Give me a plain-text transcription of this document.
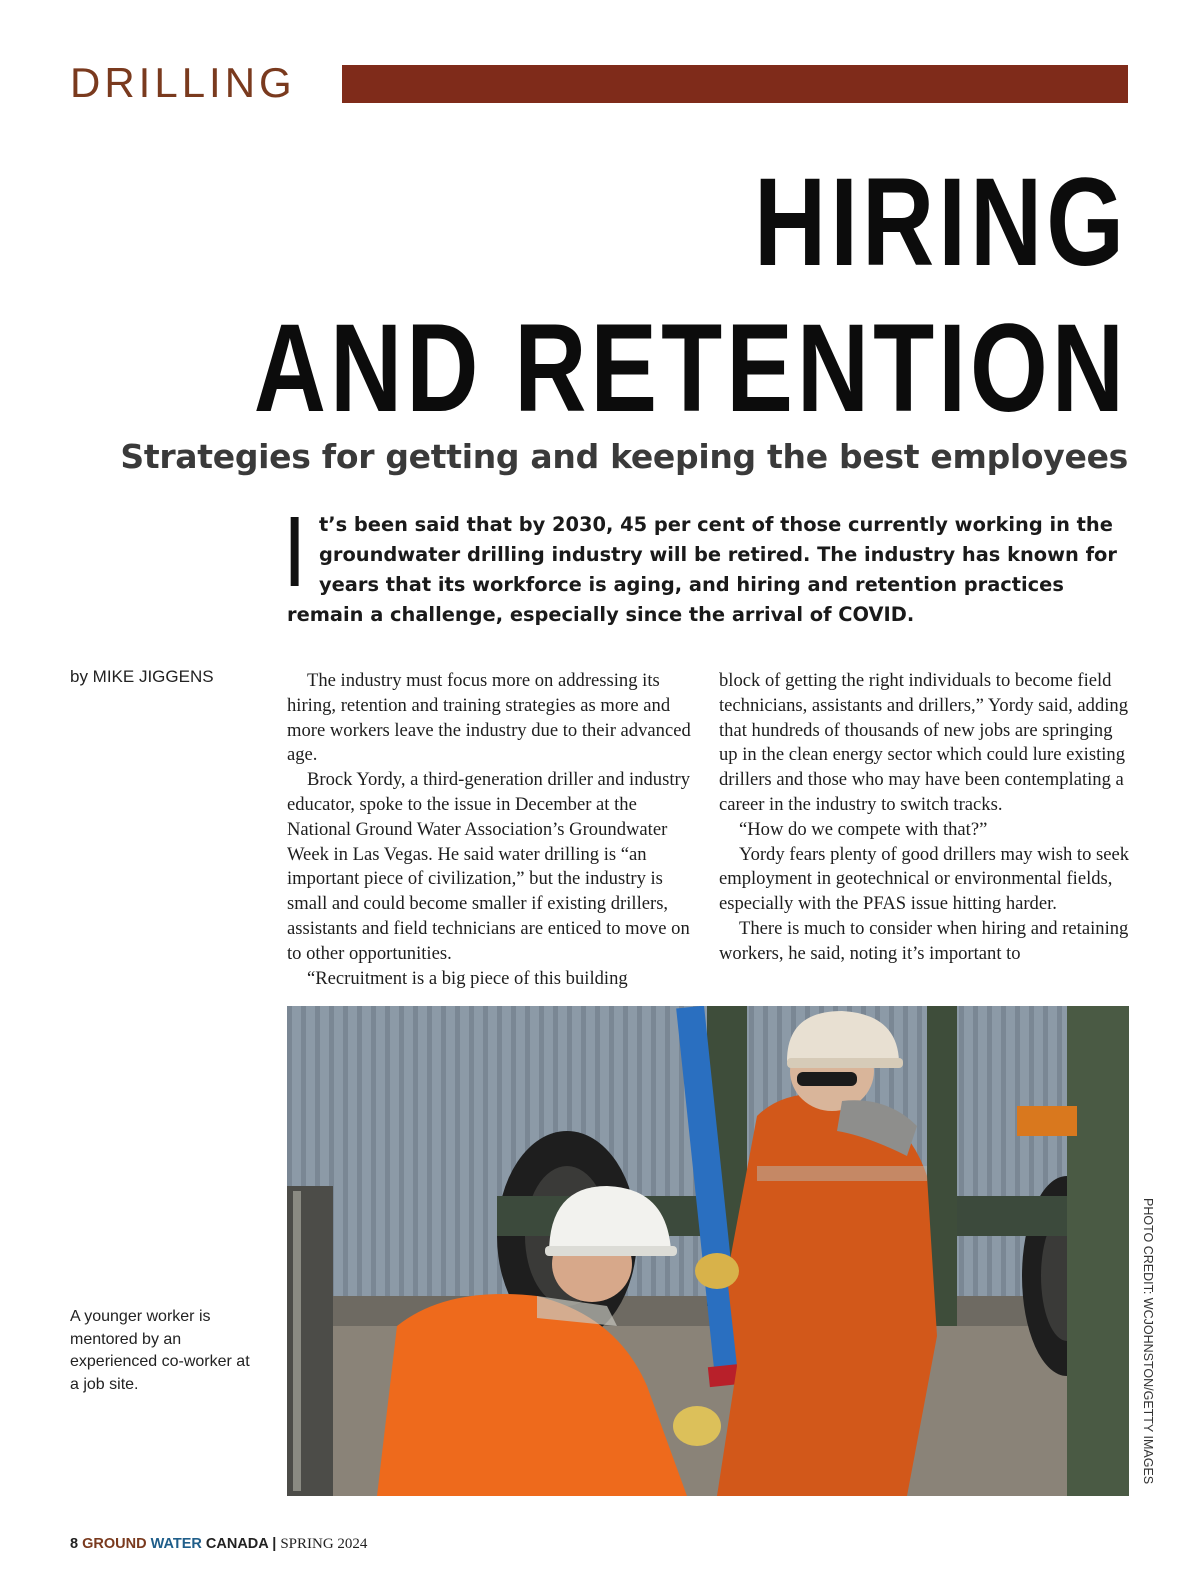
DRILLING
HIRING
AND RETENTION
Strategies for getting and keeping the best employees

It’s been said that by 2030, 45 per cent of those currently working in the groundwater drilling industry will be retired. The industry has known for years that its workforce is aging, and hiring and retention practices remain a challenge, especially since the arrival of COVID.

by MIKE JIGGENS	The industry must focus more on addressing its hiring, retention and training strategies as more and more workers leave the industry due to their advanced age.

Brock Yordy, a third-generation driller and industry educator, spoke to the issue in December at the National Ground Water Association’s Groundwater Week in Las Vegas. He said water drilling is “an important piece of civilization,” but the industry is small and could become smaller if existing drillers, assistants and field technicians are enticed to move on to other opportunities.

“Recruitment is a big piece of this building

block of getting the right individuals to become field technicians, assistants and drillers,” Yordy said, adding that hundreds of thousands of new jobs are springing up in the clean energy sector which could lure existing drillers and those who may have been contemplating a career in the industry to switch tracks.

“How do we compete with that?”

Yordy fears plenty of good drillers may wish to seek employment in geotechnical or environmental fields, especially with the PFAS issue hitting harder.

There is much to consider when hiring and retaining workers, he said, noting it’s important to

PHOTO CREDIT: WCJOHNSTON/GETTY IMAGES
A younger worker is mentored by an experienced co-worker at a job site.
8 GROUND WATER CANADA | SPRING 2024
